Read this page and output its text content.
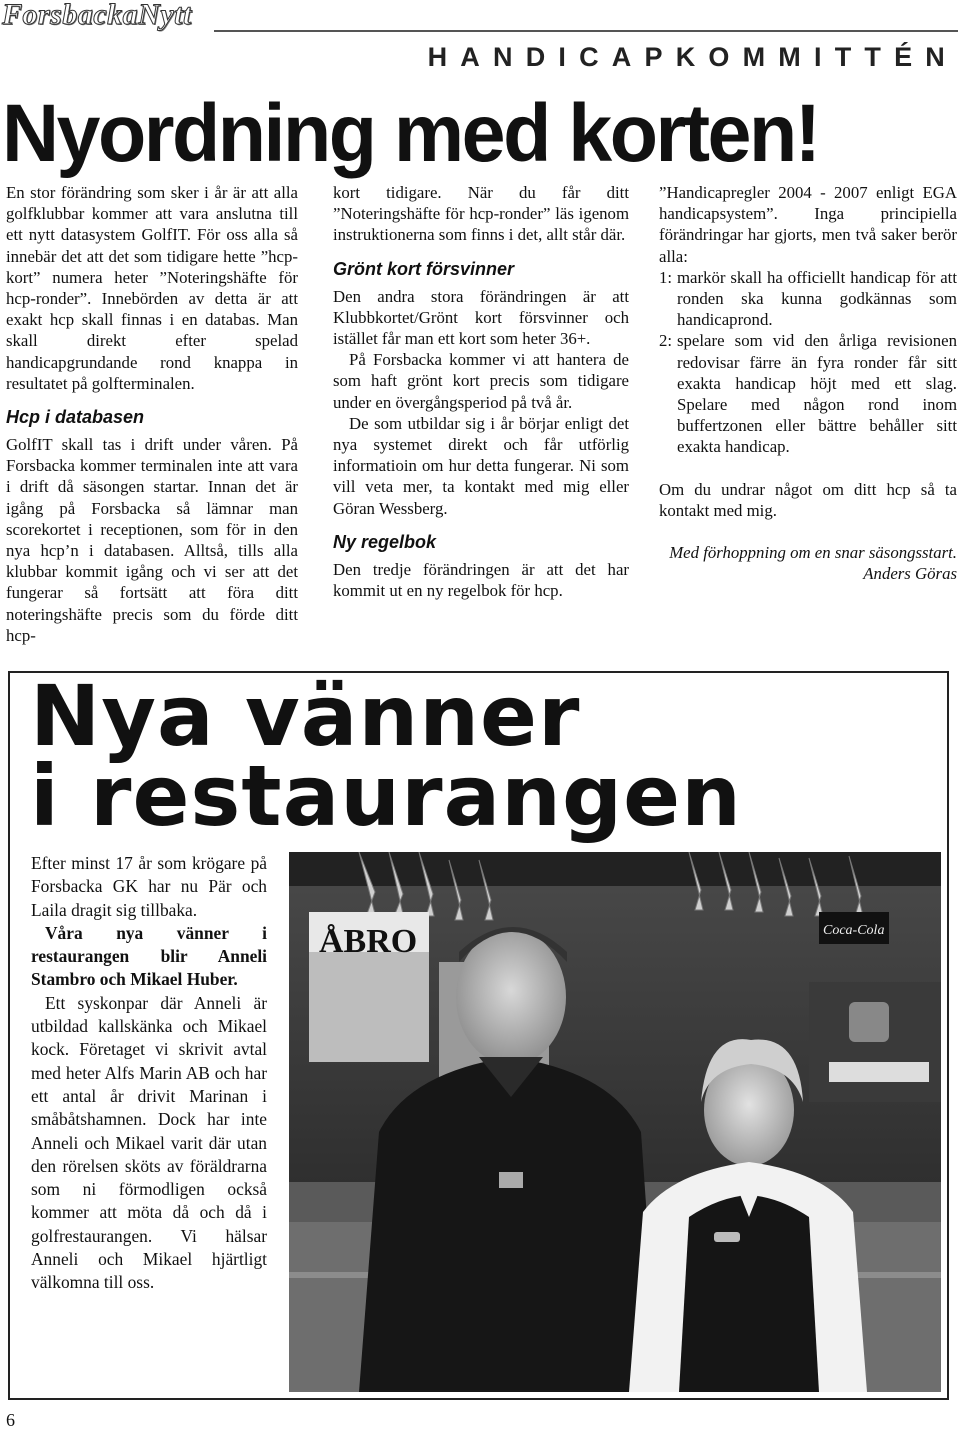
ForsbackaNytt
HANDICAPKOMMITTÉN
Nyordning med korten!

En stor förändring som sker i år är att alla golfklubbar kommer att vara anslutna till ett nytt datasystem GolfIT. För oss alla så innebär det att det som tidigare hette ”hcp-kort” numera heter ”Noteringshäfte för hcp-ronder”. Innebörden av detta är att exakt hcp skall finnas i en databas. Man skall direkt efter spelad handicapgrundande rond knappa in resultatet på golfterminalen.

Hcp i databasen

GolfIT skall tas i drift under våren. På Forsbacka kommer terminalen inte att vara i drift då säsongen startar. Innan det är igång på Forsbacka så lämnar man scorekortet i receptionen, som för in den nya hcp’n i databasen. Alltså, tills alla klubbar kommit igång och vi ser att det fungerar så fortsätt att föra ditt noteringshäfte precis som du förde ditt hcp-

kort tidigare. När du får ditt ”Noteringshäfte för hcp-ronder” läs igenom instruktionerna som finns i det, allt står där.

Grönt kort försvinner

Den andra stora förändringen är att Klubbkortet/Grönt kort försvinner och istället får man ett kort som heter 36+.

På Forsbacka kommer vi att hantera de som haft grönt kort precis som tidigare under en övergångsperiod på två år.

De som utbildar sig i år börjar enligt det nya systemet direkt och får utförlig informatioin om hur detta fungerar. Ni som vill veta mer, ta kontakt med mig eller Göran Wessberg.

Ny regelbok

Den tredje förändringen är att det har kommit ut en ny regelbok för hcp.

”Handicapregler 2004 - 2007 enligt EGA handicapsystem”. Inga principiella förändringar har gjorts, men två saker berör alla:

1: markör skall ha officiellt handicap för att ronden ska kunna godkännas som handicaprond.
2: spelare som vid den årliga revisionen redovisar färre än fyra ronder får sitt exakta handicap höjt med ett slag. Spelare med någon rond inom buffertzonen eller bättre behåller sitt exakta handicap.

Om du undrar något om ditt hcp så ta kontakt med mig.

Med förhoppning om en snar säsongsstart.

Anders Göras

Nya vänner
i restaurangen

Efter minst 17 år som krögare på Forsbacka GK har nu Pär och Laila dragit sig tillbaka.

Våra nya vänner i restaurangen blir Anneli Stambro och Mikael Huber.

Ett syskonpar där Anneli är utbildad kallskänka och Mikael kock. Företaget vi skrivit avtal med heter Alfs Marin AB och har ett antal år drivit Marinan i småbåtshamnen. Dock har inte Anneli och Mikael varit där utan den rörelsen sköts av föräldrarna som ni förmodligen också kommer att möta då och då i golfrestaurangen. Vi hälsar Anneli och Mikael hjärtligt välkomna till oss.

ÅBRO	Coca-Cola
6
